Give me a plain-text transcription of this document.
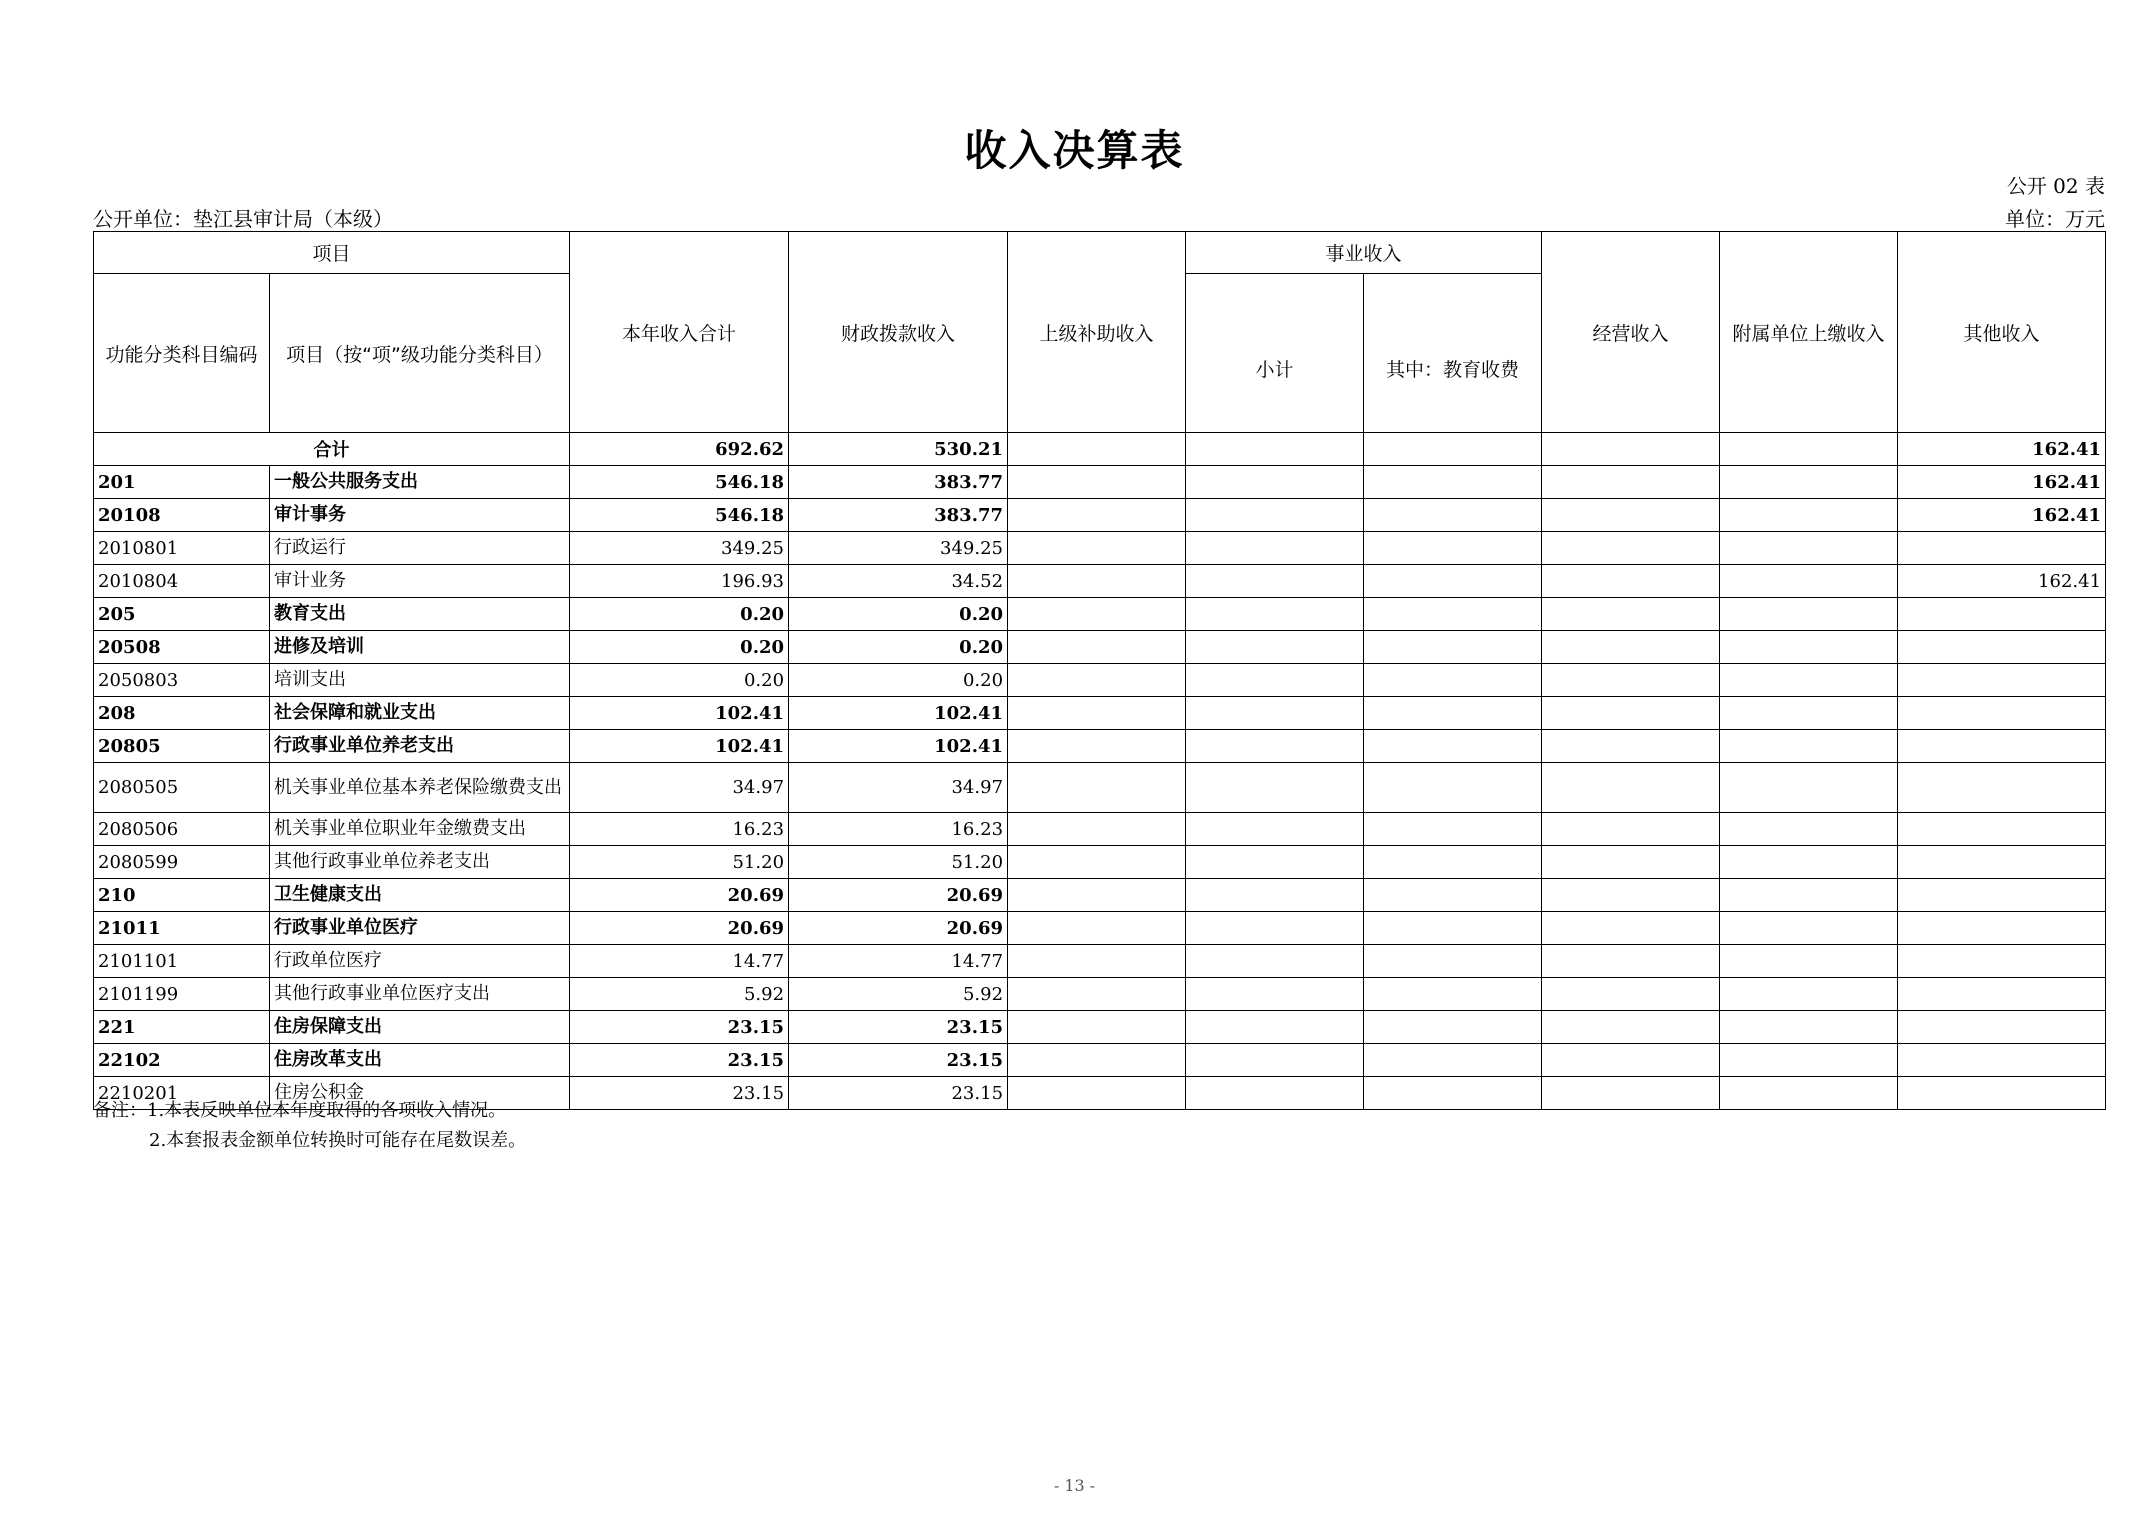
收入决算表
公开 02 表
公开单位：垫江县审计局（本级）	单位：万元
项目		本年收入合计	财政拨款收入	上级补助收入	事业收入		经营收入	附属单位上缴收入	其他收入
功能分类科目编码	项目（按“项”级功能分类科目）				小计	其中：教育收费			
合计		692.62	530.21						162.41
201	一般公共服务支出	546.18	383.77						162.41
20108	审计事务	546.18	383.77						162.41
2010801	行政运行	349.25	349.25						
2010804	审计业务	196.93	34.52						162.41
205	教育支出	0.20	0.20						
20508	进修及培训	0.20	0.20						
2050803	培训支出	0.20	0.20						
208	社会保障和就业支出	102.41	102.41						
20805	行政事业单位养老支出	102.41	102.41						
2080505	机关事业单位基本养老保险缴费支出	34.97	34.97						
2080506	机关事业单位职业年金缴费支出	16.23	16.23						
2080599	其他行政事业单位养老支出	51.20	51.20						
210	卫生健康支出	20.69	20.69						
21011	行政事业单位医疗	20.69	20.69						
2101101	行政单位医疗	14.77	14.77						
2101199	其他行政事业单位医疗支出	5.92	5.92						
221	住房保障支出	23.15	23.15						
22102	住房改革支出	23.15	23.15						
2210201	住房公积金	23.15	23.15						
备注：1.本表反映单位本年度取得的各项收入情况。
2.本套报表金额单位转换时可能存在尾数误差。
- 13 -
